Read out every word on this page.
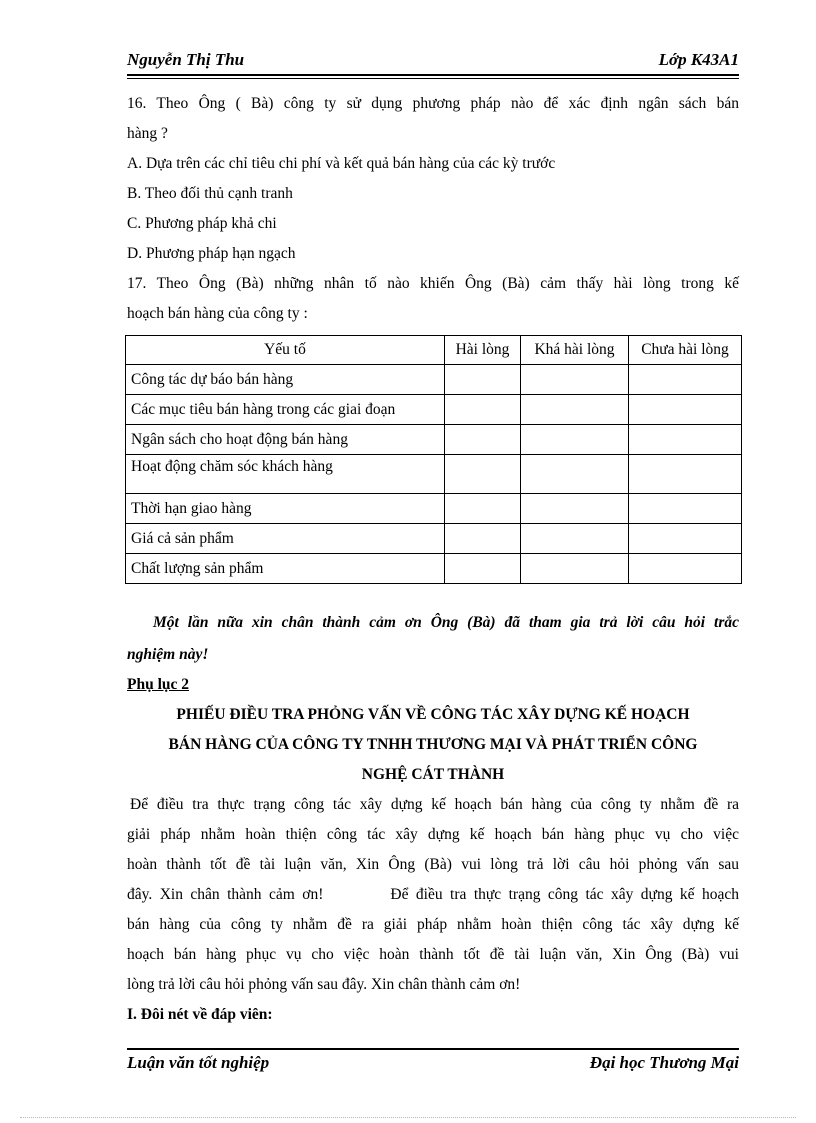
Nguyễn Thị Thu	Lớp K43A1
16. Theo Ông ( Bà) công ty sử dụng phương pháp nào để xác định ngân sách bán
hàng ?
A. Dựa trên các chỉ tiêu chi phí và kết quả bán hàng của các kỳ trước
B. Theo đối thủ cạnh tranh
C. Phương pháp khả chi
D. Phương pháp hạn ngạch
17. Theo Ông (Bà) những nhân tố nào khiến Ông (Bà) cảm thấy hài lòng trong kế
hoạch bán hàng của công ty :
Yếu tố	Hài lòng	Khá hài lòng	Chưa hài lòng
Công tác dự báo bán hàng			
Các mục tiêu bán hàng trong các giai đoạn			
Ngân sách cho hoạt động bán hàng			
Hoạt động chăm sóc khách hàng			
Thời hạn giao hàng			
Giá cả sản phẩm			
Chất lượng sản phẩm			
Một lần nữa xin chân thành cảm ơn Ông (Bà) đã tham gia trả lời câu hỏi trắc
nghiệm này!
Phụ lục 2
PHIẾU ĐIỀU TRA PHỎNG VẤN VỀ CÔNG TÁC XÂY DỰNG KẾ HOẠCH
BÁN HÀNG CỦA CÔNG TY TNHH THƯƠNG MẠI VÀ PHÁT TRIỂN CÔNG
NGHỆ CÁT THÀNH
Để điều tra thực trạng công tác xây dựng kế hoạch bán hàng của công ty nhằm đề ra
giải pháp nhằm hoàn thiện công tác xây dựng kế hoạch bán hàng phục vụ cho việc
hoàn thành tốt đề tài luận văn, Xin Ông (Bà) vui lòng trả lời câu hỏi phỏng vấn sau
đây. Xin chân thành cảm ơn!         Để điều tra thực trạng công tác xây dựng kế hoạch
bán hàng của công ty nhằm đề ra giải pháp nhằm hoàn thiện công tác xây dựng kế
hoạch bán hàng phục vụ cho việc hoàn thành tốt đề tài luận văn, Xin Ông (Bà) vui
lòng trả lời câu hỏi phỏng vấn sau đây. Xin chân thành cảm ơn!
I. Đôi nét về đáp viên:
Luận văn tốt nghiệp	Đại học Thương Mại
